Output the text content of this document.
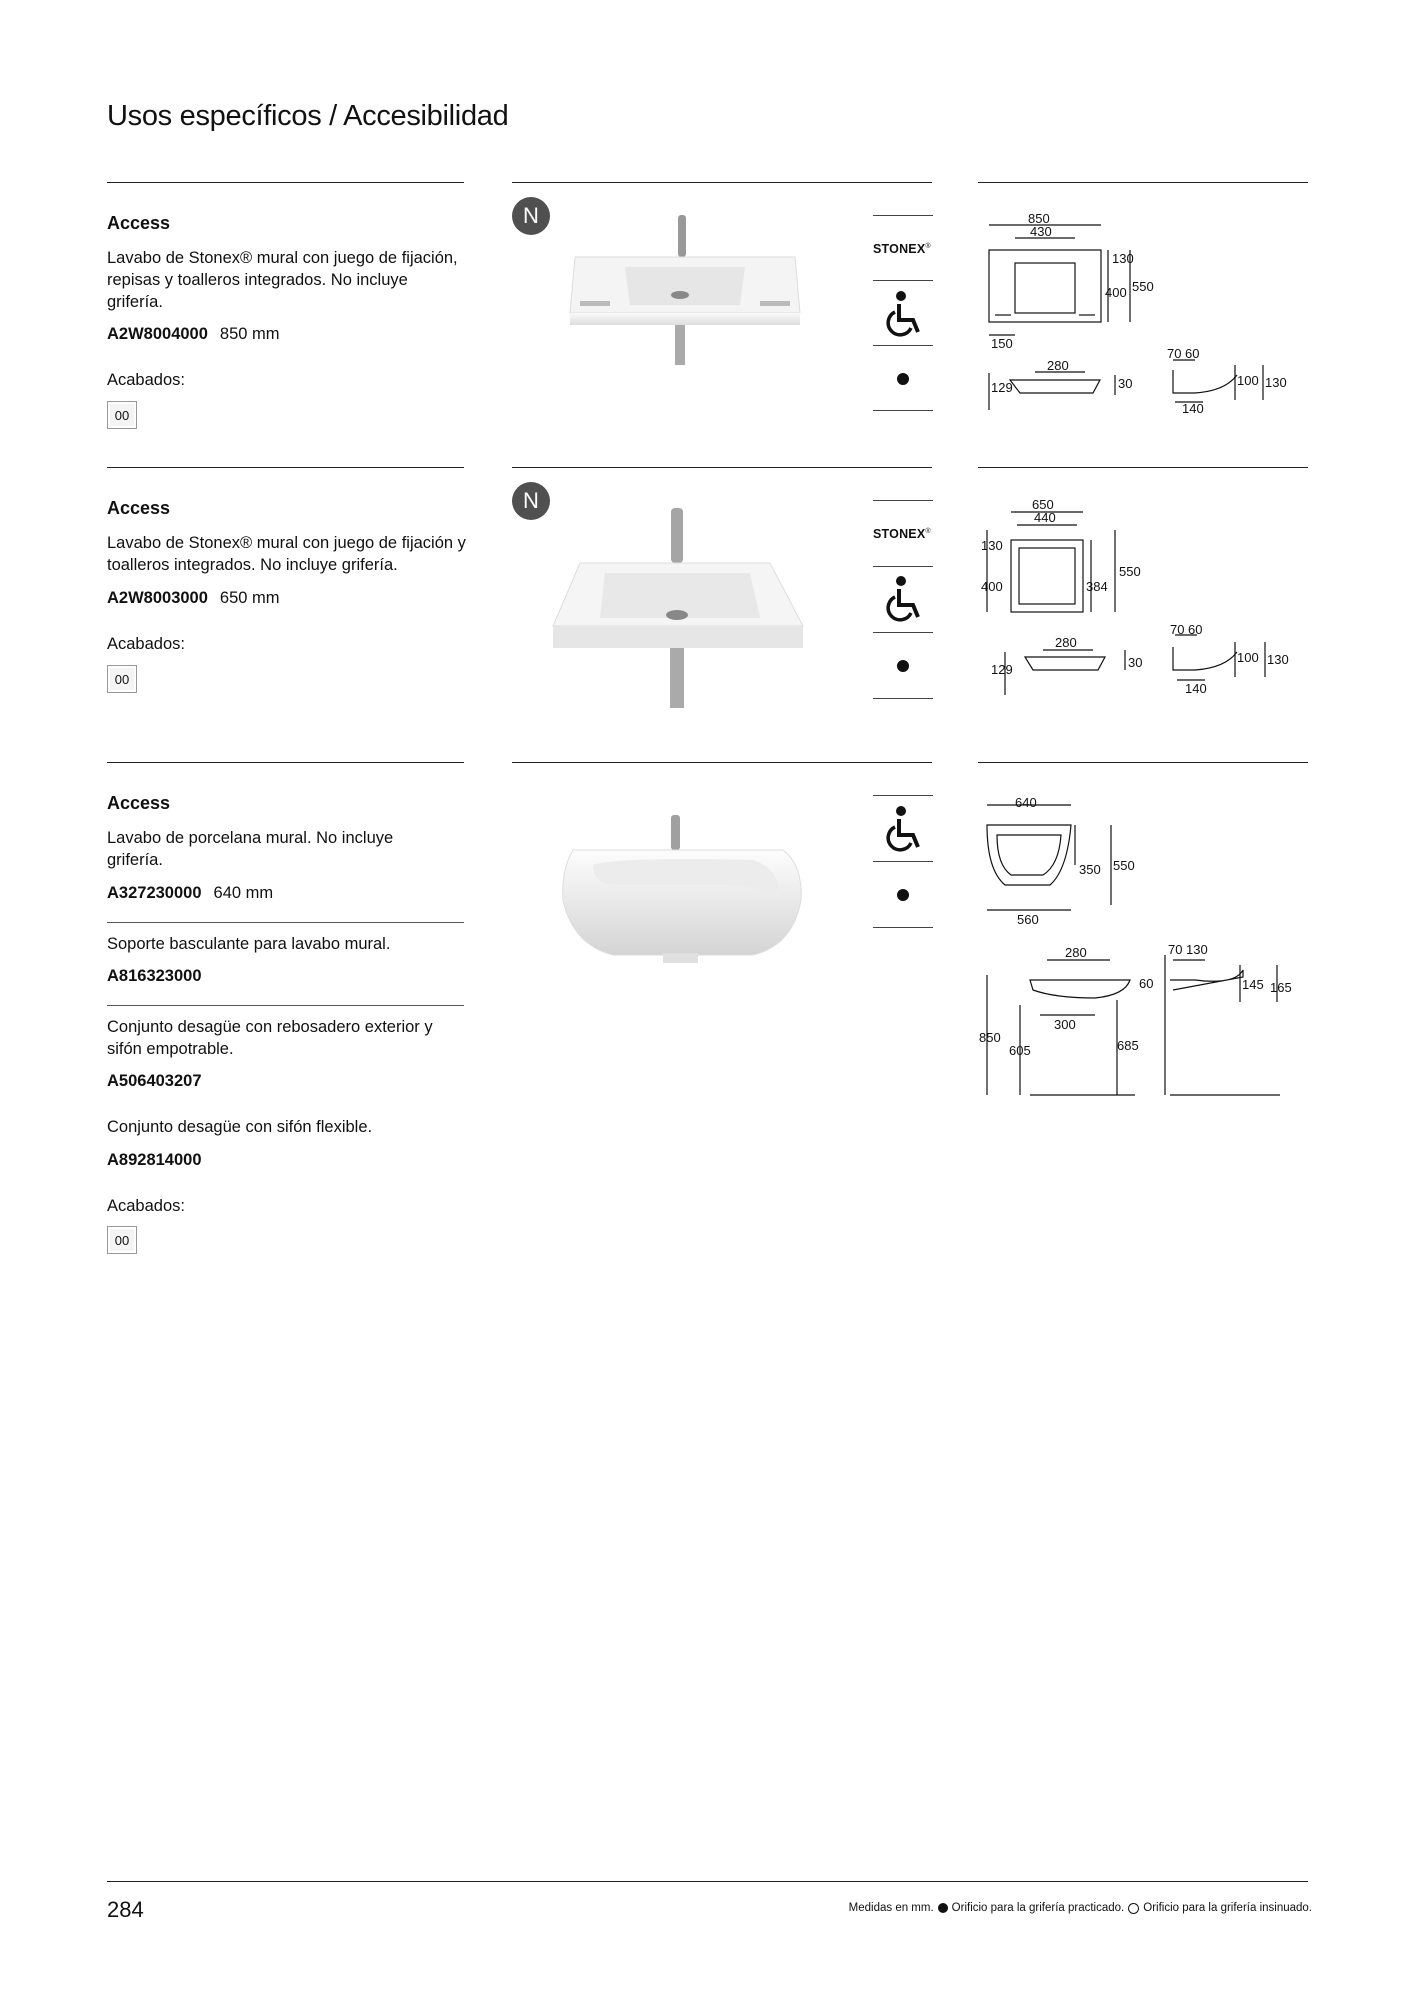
Usos específicos / Accesibilidad
Access
Lavabo de Stonex® mural con juego de fijación, repisas y toalleros integrados. No incluye grifería.
A2W8004000 850 mm
Acabados:
00
N
STONEX®
850
430
130
400 550
150
280
129	30
70 60
100 130
140
Access
Lavabo de Stonex® mural con juego de fijación y toalleros integrados. No incluye grifería.
A2W8003000 650 mm
Acabados:
00
N
STONEX®
650
440
130
400	384
550
280
129	30
70 60
100 130
140
Access
Lavabo de porcelana mural. No incluye grifería.
A327230000 640 mm
Soporte basculante para lavabo mural.
A816323000
Conjunto desagüe con rebosadero exterior y sifón empotrable.
A506403207
Conjunto desagüe con sifón flexible.
A892814000
Acabados:
00
640
350 550
560
280
300
850
605	685
70 130
60	145 165
284	Medidas en mm. Orificio para la grifería practicado. Orificio para la grifería insinuado.
